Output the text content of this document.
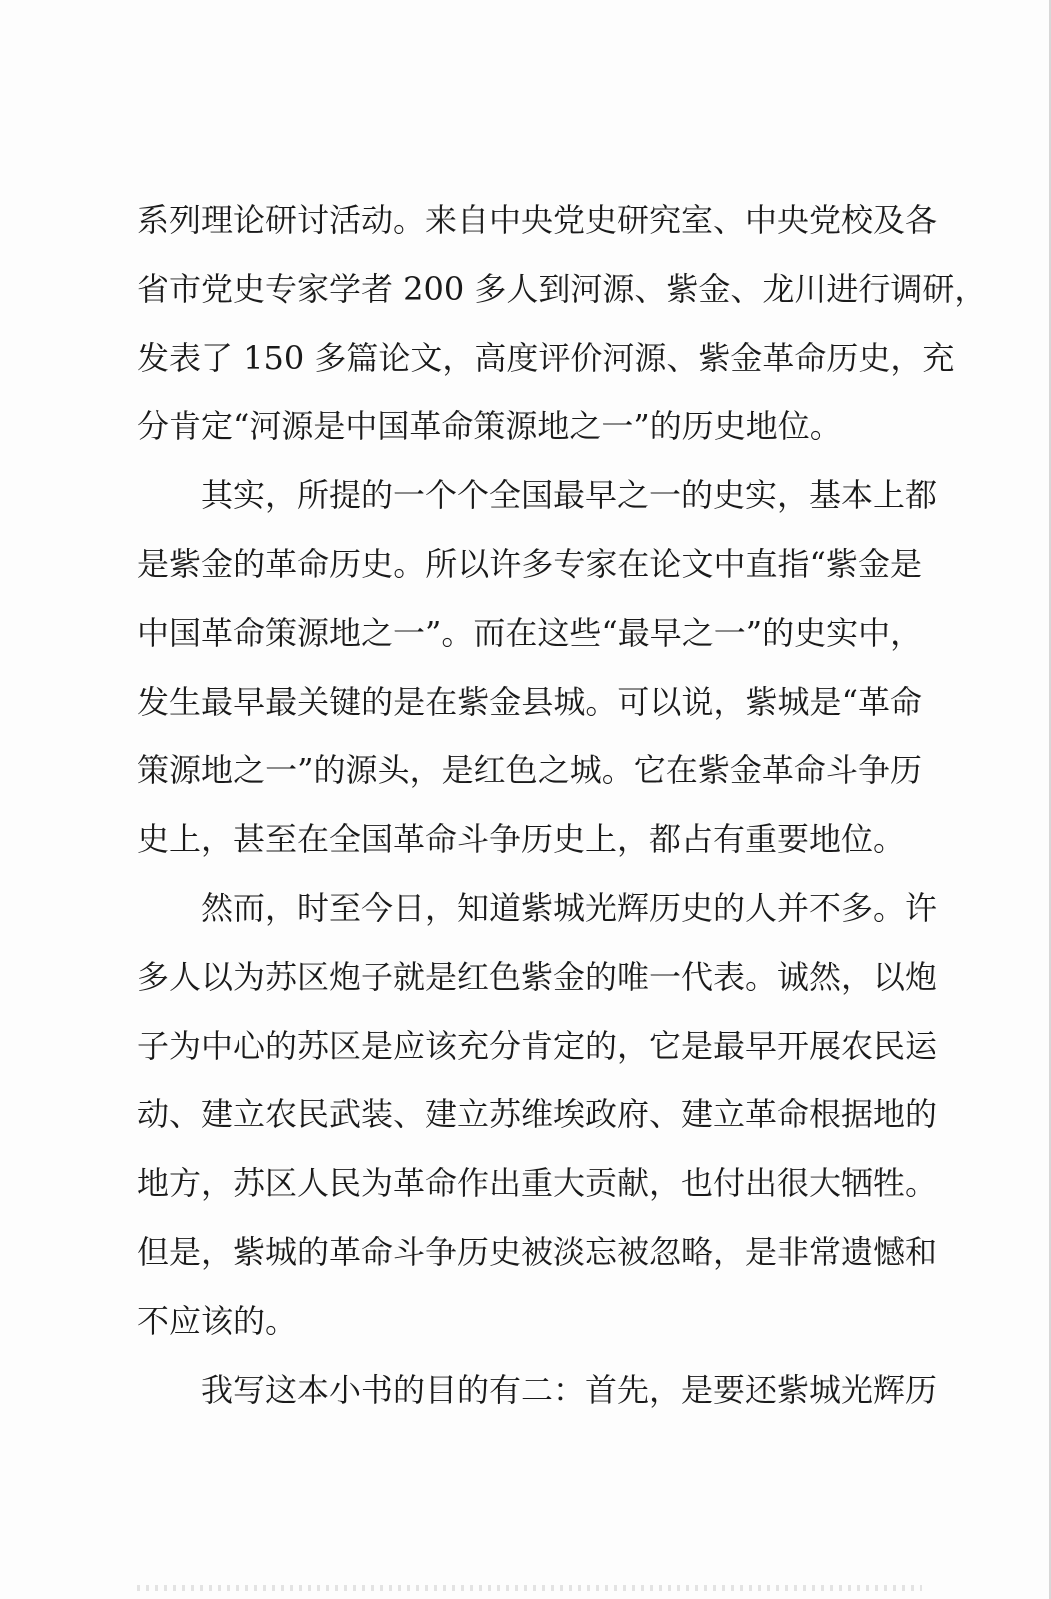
系列理论研讨活动。来自中央党史研究室、中央党校及各
省市党史专家学者 200 多人到河源、紫金、龙川进行调研，
发表了 150 多篇论文，高度评价河源、紫金革命历史，充
分肯定“河源是中国革命策源地之一”的历史地位。
其实，所提的一个个全国最早之一的史实，基本上都
是紫金的革命历史。所以许多专家在论文中直指“紫金是
中国革命策源地之一”。而在这些“最早之一”的史实中，
发生最早最关键的是在紫金县城。可以说，紫城是“革命
策源地之一”的源头，是红色之城。它在紫金革命斗争历
史上，甚至在全国革命斗争历史上，都占有重要地位。
然而，时至今日，知道紫城光辉历史的人并不多。许
多人以为苏区炮子就是红色紫金的唯一代表。诚然，以炮
子为中心的苏区是应该充分肯定的，它是最早开展农民运
动、建立农民武装、建立苏维埃政府、建立革命根据地的
地方，苏区人民为革命作出重大贡献，也付出很大牺牲。
但是，紫城的革命斗争历史被淡忘被忽略，是非常遗憾和
不应该的。
我写这本小书的目的有二：首先，是要还紫城光辉历
